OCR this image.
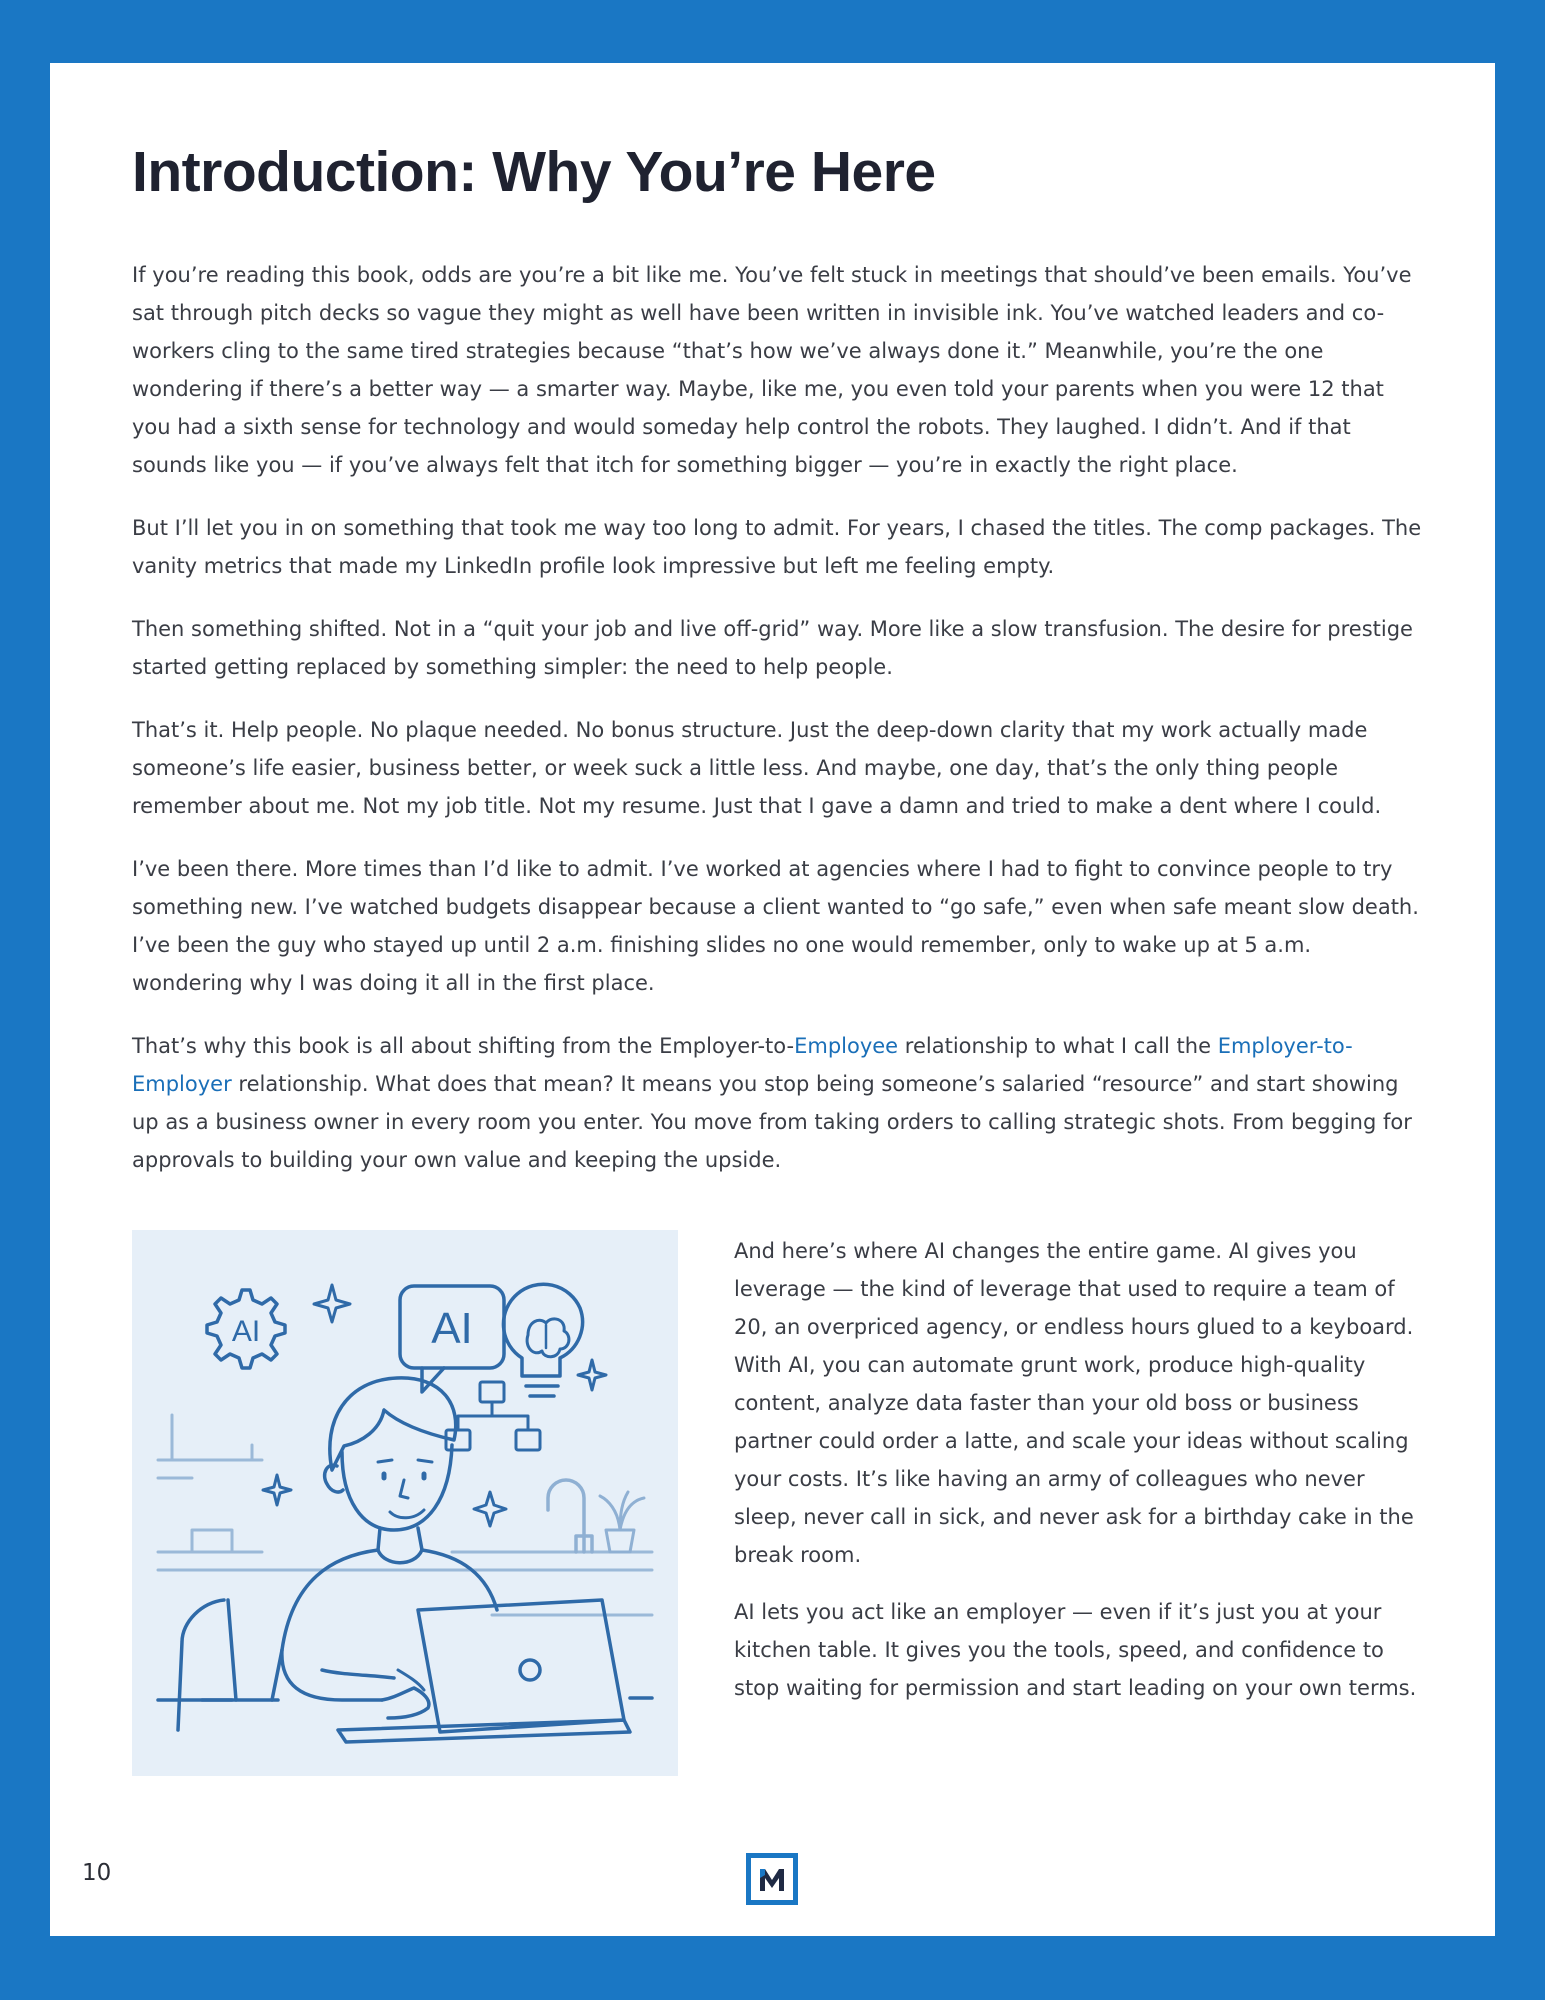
Introduction: Why You’re Here

If you’re reading this book, odds are you’re a bit like me. You’ve felt stuck in meetings that should’ve been emails. You’ve sat through pitch decks so vague they might as well have been written in invisible ink. You’ve watched leaders and co-workers cling to the same tired strategies because “that’s how we’ve always done it.” Meanwhile, you’re the one wondering if there’s a better way — a smarter way. Maybe, like me, you even told your parents when you were 12 that you had a sixth sense for technology and would someday help control the robots. They laughed. I didn’t. And if that sounds like you — if you’ve always felt that itch for something bigger — you’re in exactly the right place.

But I’ll let you in on something that took me way too long to admit. For years, I chased the titles. The comp packages. The vanity metrics that made my LinkedIn profile look impressive but left me feeling empty.

Then something shifted. Not in a “quit your job and live off-grid” way. More like a slow transfusion. The desire for prestige started getting replaced by something simpler: the need to help people.

That’s it. Help people. No plaque needed. No bonus structure. Just the deep-down clarity that my work actually made someone’s life easier, business better, or week suck a little less. And maybe, one day, that’s the only thing people remember about me. Not my job title. Not my resume. Just that I gave a damn and tried to make a dent where I could.

I’ve been there. More times than I’d like to admit. I’ve worked at agencies where I had to fight to convince people to try something new. I’ve watched budgets disappear because a client wanted to “go safe,” even when safe meant slow death. I’ve been the guy who stayed up until 2 a.m. finishing slides no one would remember, only to wake up at 5 a.m. wondering why I was doing it all in the first place.

That’s why this book is all about shifting from the Employer-to-Employee relationship to what I call the Employer-to-Employer relationship. What does that mean? It means you stop being someone’s salaried “resource” and start showing up as a business owner in every room you enter. You move from taking orders to calling strategic shots. From begging for approvals to building your own value and keeping the upside.

AI	AI

And here’s where AI changes the entire game. AI gives you leverage — the kind of leverage that used to require a team of 20, an overpriced agency, or endless hours glued to a keyboard. With AI, you can automate grunt work, produce high-quality content, analyze data faster than your old boss or business partner could order a latte, and scale your ideas without scaling your costs. It’s like having an army of colleagues who never sleep, never call in sick, and never ask for a birthday cake in the break room.

AI lets you act like an employer — even if it’s just you at your kitchen table. It gives you the tools, speed, and confidence to stop waiting for permission and start leading on your own terms.

10
